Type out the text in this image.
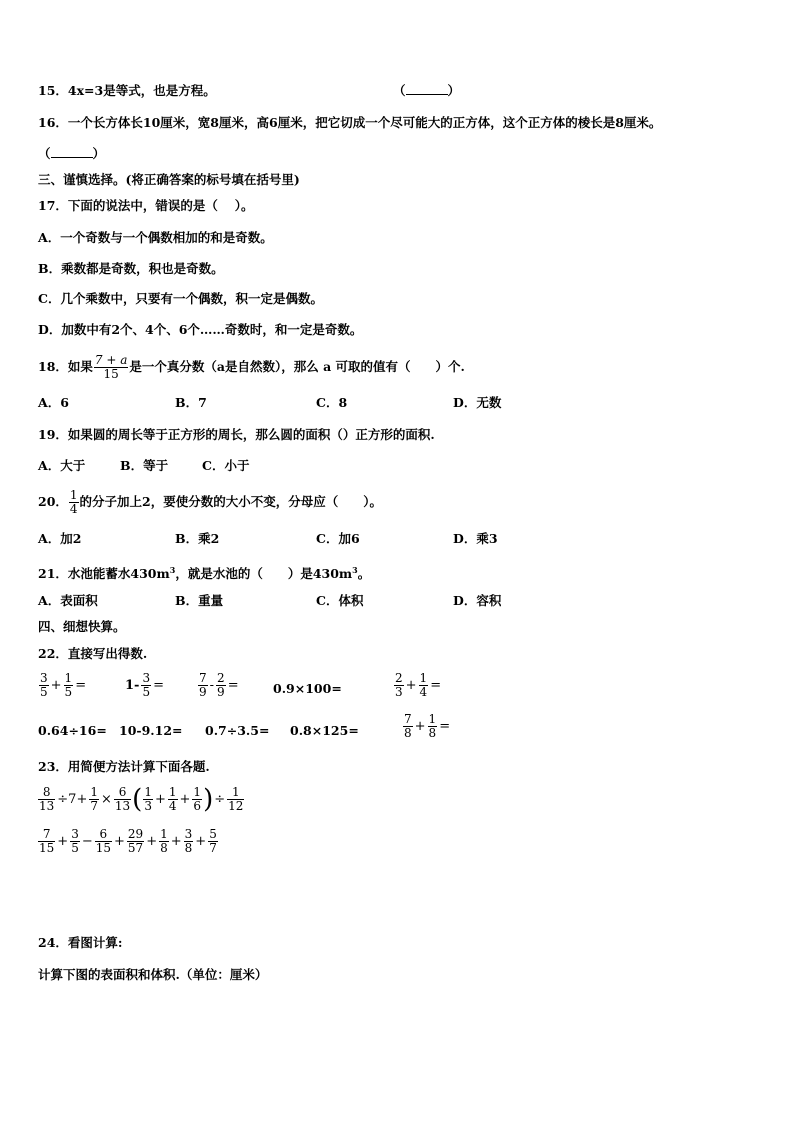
15．4x=3是等式，也是方程。	（	）
16．一个长方体长10厘米，宽8厘米，高6厘米，把它切成一个尽可能大的正方体，这个正方体的棱长是8厘米。
（	）
三、谨慎选择。(将正确答案的标号填在括号里)
17．下面的说法中，错误的是（　 ）。
A．一个奇数与一个偶数相加的和是奇数。
B．乘数都是奇数，积也是奇数。
C．几个乘数中，只要有一个偶数，积一定是偶数。
D．加数中有2个、4个、6个……奇数时，和一定是奇数。
18．如果 $\frac{7 + a}{15}$ 是一个真分数（a是自然数），那么 a 可取的值有（　　）个.
A．6	B．7	C．8	D．无数
19．如果圆的周长等于正方形的周长，那么圆的面积（）正方形的面积.
A．大于	B．等于	C．小于
20． $\frac{1}{4}$ 的分子加上2，要使分数的大小不变，分母应（　　）。
A．加2	B．乘2	C．加6	D．乘3
21．水池能蓄水$430m^3$，就是水池的（　　）是$430m^3$。
A．表面积	B．重量	C．体积	D．容积
四、细想快算。
22．直接写出得数.
$\frac{3}{5} + \frac{1}{5}$ =	$1- \frac{3}{5}$ =	$\frac{7}{9} - \frac{2}{9}$ =	0.9×100=	$\frac{2}{3} + \frac{1}{4}$ =
0.64÷16= 10-9.12= 0.7÷3.5= 0.8×125=	$\frac{7}{8} + \frac{1}{8}$ =
23．用简便方法计算下面各题.
$\frac{8}{13} \div 7+ \frac{1}{7} \times \frac{6}{13}$ ( $\frac{1}{3} + \frac{1}{4} + \frac{1}{6}$ )÷ $\frac{1}{12}$
$\frac{7}{15} + \frac{3}{5} - \frac{6}{15} + \frac{29}{57} + \frac{1}{8} + \frac{3}{8} + \frac{5}{7}$
24．看图计算:
计算下图的表面积和体积.（单位：厘米）
